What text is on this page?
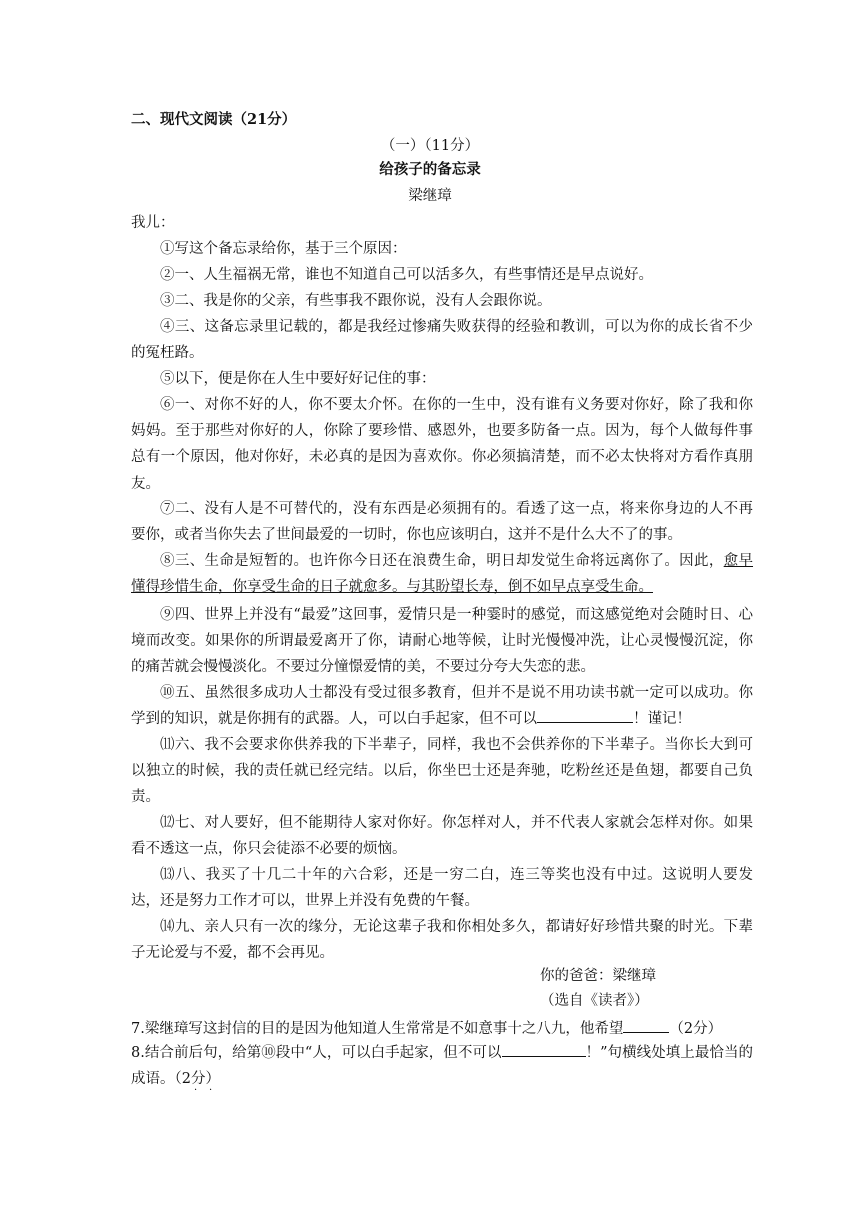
二、现代文阅读（21分）
（一）（11分）
给孩子的备忘录
梁继璋
我儿：
①写这个备忘录给你，基于三个原因：
②一、人生福祸无常，谁也不知道自己可以活多久，有些事情还是早点说好。
③二、我是你的父亲，有些事我不跟你说，没有人会跟你说。
④三、这备忘录里记载的，都是我经过惨痛失败获得的经验和教训，可以为你的成长省不少的冤枉路。
⑤以下，便是你在人生中要好好记住的事：
⑥一、对你不好的人，你不要太介怀。在你的一生中，没有谁有义务要对你好，除了我和你妈妈。至于那些对你好的人，你除了要珍惜、感恩外，也要多防备一点。因为，每个人做每件事总有一个原因，他对你好，未必真的是因为喜欢你。你必须搞清楚，而不必太快将对方看作真朋友。
⑦二、没有人是不可替代的，没有东西是必须拥有的。看透了这一点，将来你身边的人不再要你，或者当你失去了世间最爱的一切时，你也应该明白，这并不是什么大不了的事。
⑧三、生命是短暂的。也许你今日还在浪费生命，明日却发觉生命将远离你了。因此，愈早懂得珍惜生命，你享受生命的日子就愈多。与其盼望长寿，倒不如早点享受生命。
⑨四、世界上并没有“最爱”这回事，爱情只是一种霎时的感觉，而这感觉绝对会随时日、心境而改变。如果你的所谓最爱离开了你，请耐心地等候，让时光慢慢冲洗，让心灵慢慢沉淀，你的痛苦就会慢慢淡化。不要过分憧憬爱情的美，不要过分夸大失恋的悲。
⑩五、虽然很多成功人士都没有受过很多教育，但并不是说不用功读书就一定可以成功。你学到的知识，就是你拥有的武器。人，可以白手起家，但不可以	！谨记！
⑾六、我不会要求你供养我的下半辈子，同样，我也不会供养你的下半辈子。当你长大到可以独立的时候，我的责任就已经完结。以后，你坐巴士还是奔驰，吃粉丝还是鱼翅，都要自己负责。
⑿七、对人要好，但不能期待人家对你好。你怎样对人，并不代表人家就会怎样对你。如果看不透这一点，你只会徒添不必要的烦恼。
⒀八、我买了十几二十年的六合彩，还是一穷二白，连三等奖也没有中过。这说明人要发达，还是努力工作才可以，世界上并没有免费的午餐。
⒁九、亲人只有一次的缘分，无论这辈子我和你相处多久，都请好好珍惜共聚的时光。下辈子无论爱与不爱，都不会再见。
你的爸爸：梁继璋
（选自《读者》）
7.梁继璋写这封信的目的是因为他知道人生常常是不如意事十之八九，他希望	（2分）
8.结合前后句，给第⑩段中“人，可以白手起家，但不可以	！”句横线处填上最恰当的成语。（2分）
· ·
